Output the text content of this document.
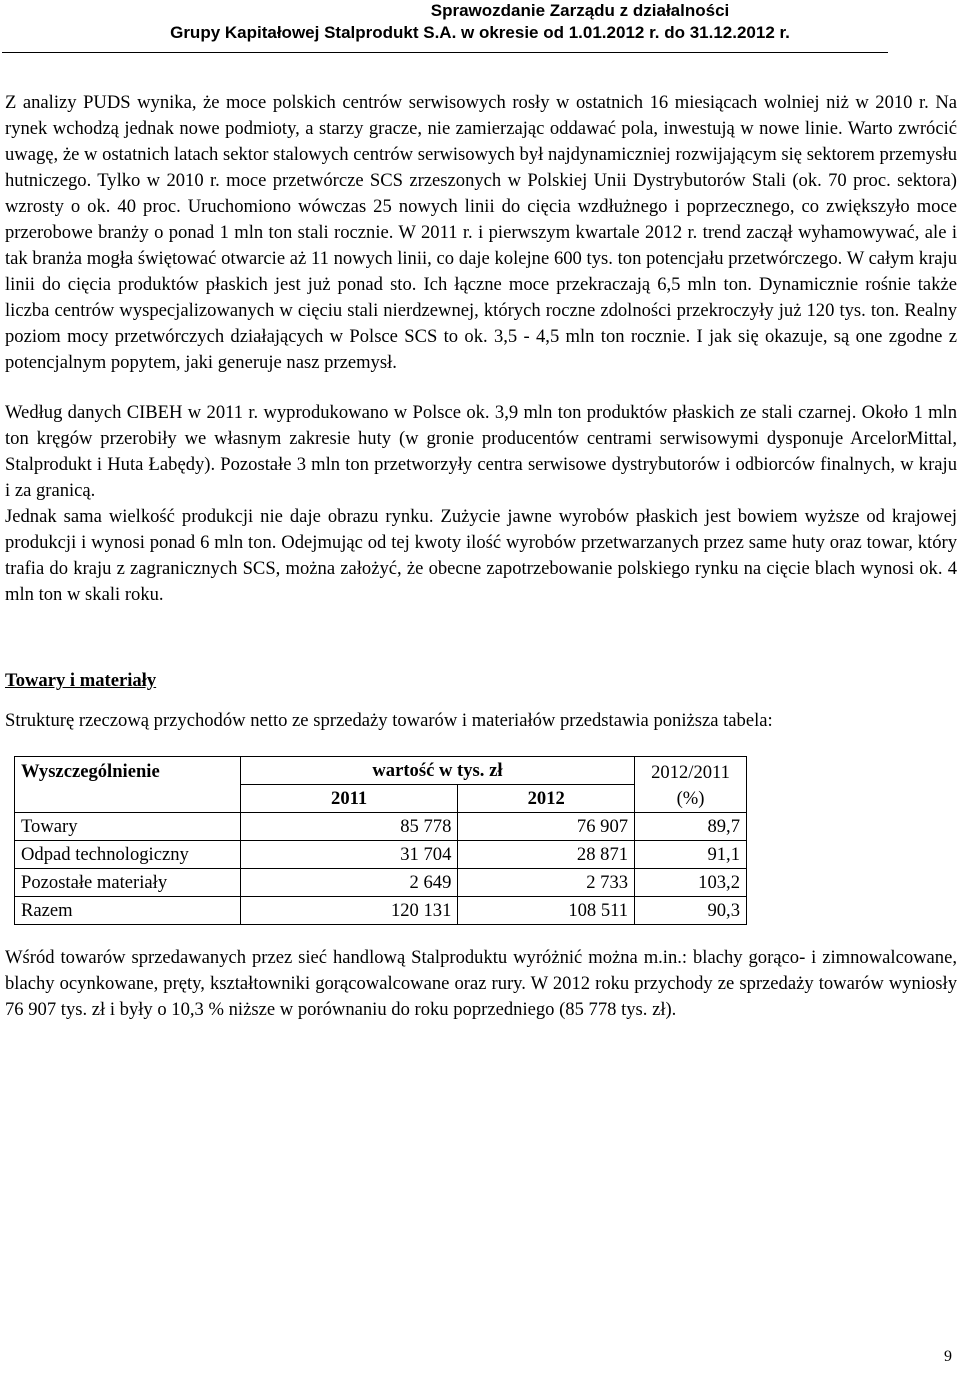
Sprawozdanie Zarządu z działalności
Grupy Kapitałowej Stalprodukt S.A. w okresie od 1.01.2012 r. do 31.12.2012 r.

Z analizy PUDS wynika, że moce polskich centrów serwisowych rosły w ostatnich 16 miesiącach wolniej niż w 2010 r. Na rynek wchodzą jednak nowe podmioty, a starzy gracze, nie zamierzając oddawać pola, inwestują w nowe linie. Warto zwrócić uwagę, że w ostatnich latach sektor stalowych centrów serwisowych był najdynamiczniej rozwijającym się sektorem przemysłu hutniczego. Tylko w 2010 r. moce przetwórcze SCS zrzeszonych w Polskiej Unii Dystrybutorów Stali (ok. 70 proc. sektora) wzrosty o ok. 40 proc. Uruchomiono wówczas 25 nowych linii do cięcia wzdłużnego i poprzecznego, co zwiększyło moce przerobowe branży o ponad 1 mln ton stali rocznie. W 2011 r. i pierwszym kwartale 2012 r. trend zaczął wyhamowywać, ale i tak branża mogła świętować otwarcie aż 11 nowych linii, co daje kolejne 600 tys. ton potencjału przetwórczego. W całym kraju linii do cięcia produktów płaskich jest już ponad sto. Ich łączne moce przekraczają 6,5 mln ton. Dynamicznie rośnie także liczba centrów wyspecjalizowanych w cięciu stali nierdzewnej, których roczne zdolności przekroczyły już 120 tys. ton. Realny poziom mocy przetwórczych działających w Polsce SCS to ok. 3,5 - 4,5 mln ton rocznie. I jak się okazuje, są one zgodne z potencjalnym popytem, jaki generuje nasz przemysł.

Według danych CIBEH w 2011 r. wyprodukowano w Polsce ok. 3,9 mln ton produktów płaskich ze stali czarnej. Około 1 mln ton kręgów przerobiły we własnym zakresie huty (w gronie producentów centrami serwisowymi dysponuje ArcelorMittal, Stalprodukt i Huta Łabędy). Pozostałe 3 mln ton przetworzyły centra serwisowe dystrybutorów i odbiorców finalnych, w kraju i za granicą.

Jednak sama wielkość produkcji nie daje obrazu rynku. Zużycie jawne wyrobów płaskich jest bowiem wyższe od krajowej produkcji i wynosi ponad 6 mln ton. Odejmując od tej kwoty ilość wyrobów przetwarzanych przez same huty oraz towar, który trafia do kraju z zagranicznych SCS, można założyć, że obecne zapotrzebowanie polskiego rynku na cięcie blach wynosi ok. 4 mln ton w skali roku.

Towary i materiały

Strukturę rzeczową przychodów netto ze sprzedaży towarów i materiałów przedstawia poniższa tabela:

Wyszczególnienie	wartość w tys. zł		2012/2011
(%)

	2011	2012	
Towary	85 778	76 907	89,7
Odpad technologiczny	31 704	28 871	91,1
Pozostałe materiały	2 649	2 733	103,2
Razem	120 131	108 511	90,3

Wśród towarów sprzedawanych przez sieć handlową Stalproduktu wyróżnić można m.in.: blachy gorąco- i zimnowalcowane, blachy ocynkowane, pręty, kształtowniki gorącowalcowane oraz rury. W 2012 roku przychody ze sprzedaży towarów wyniosły 76 907 tys. zł i były o 10,3 % niższe w porównaniu do roku poprzedniego (85 778 tys. zł).

9
